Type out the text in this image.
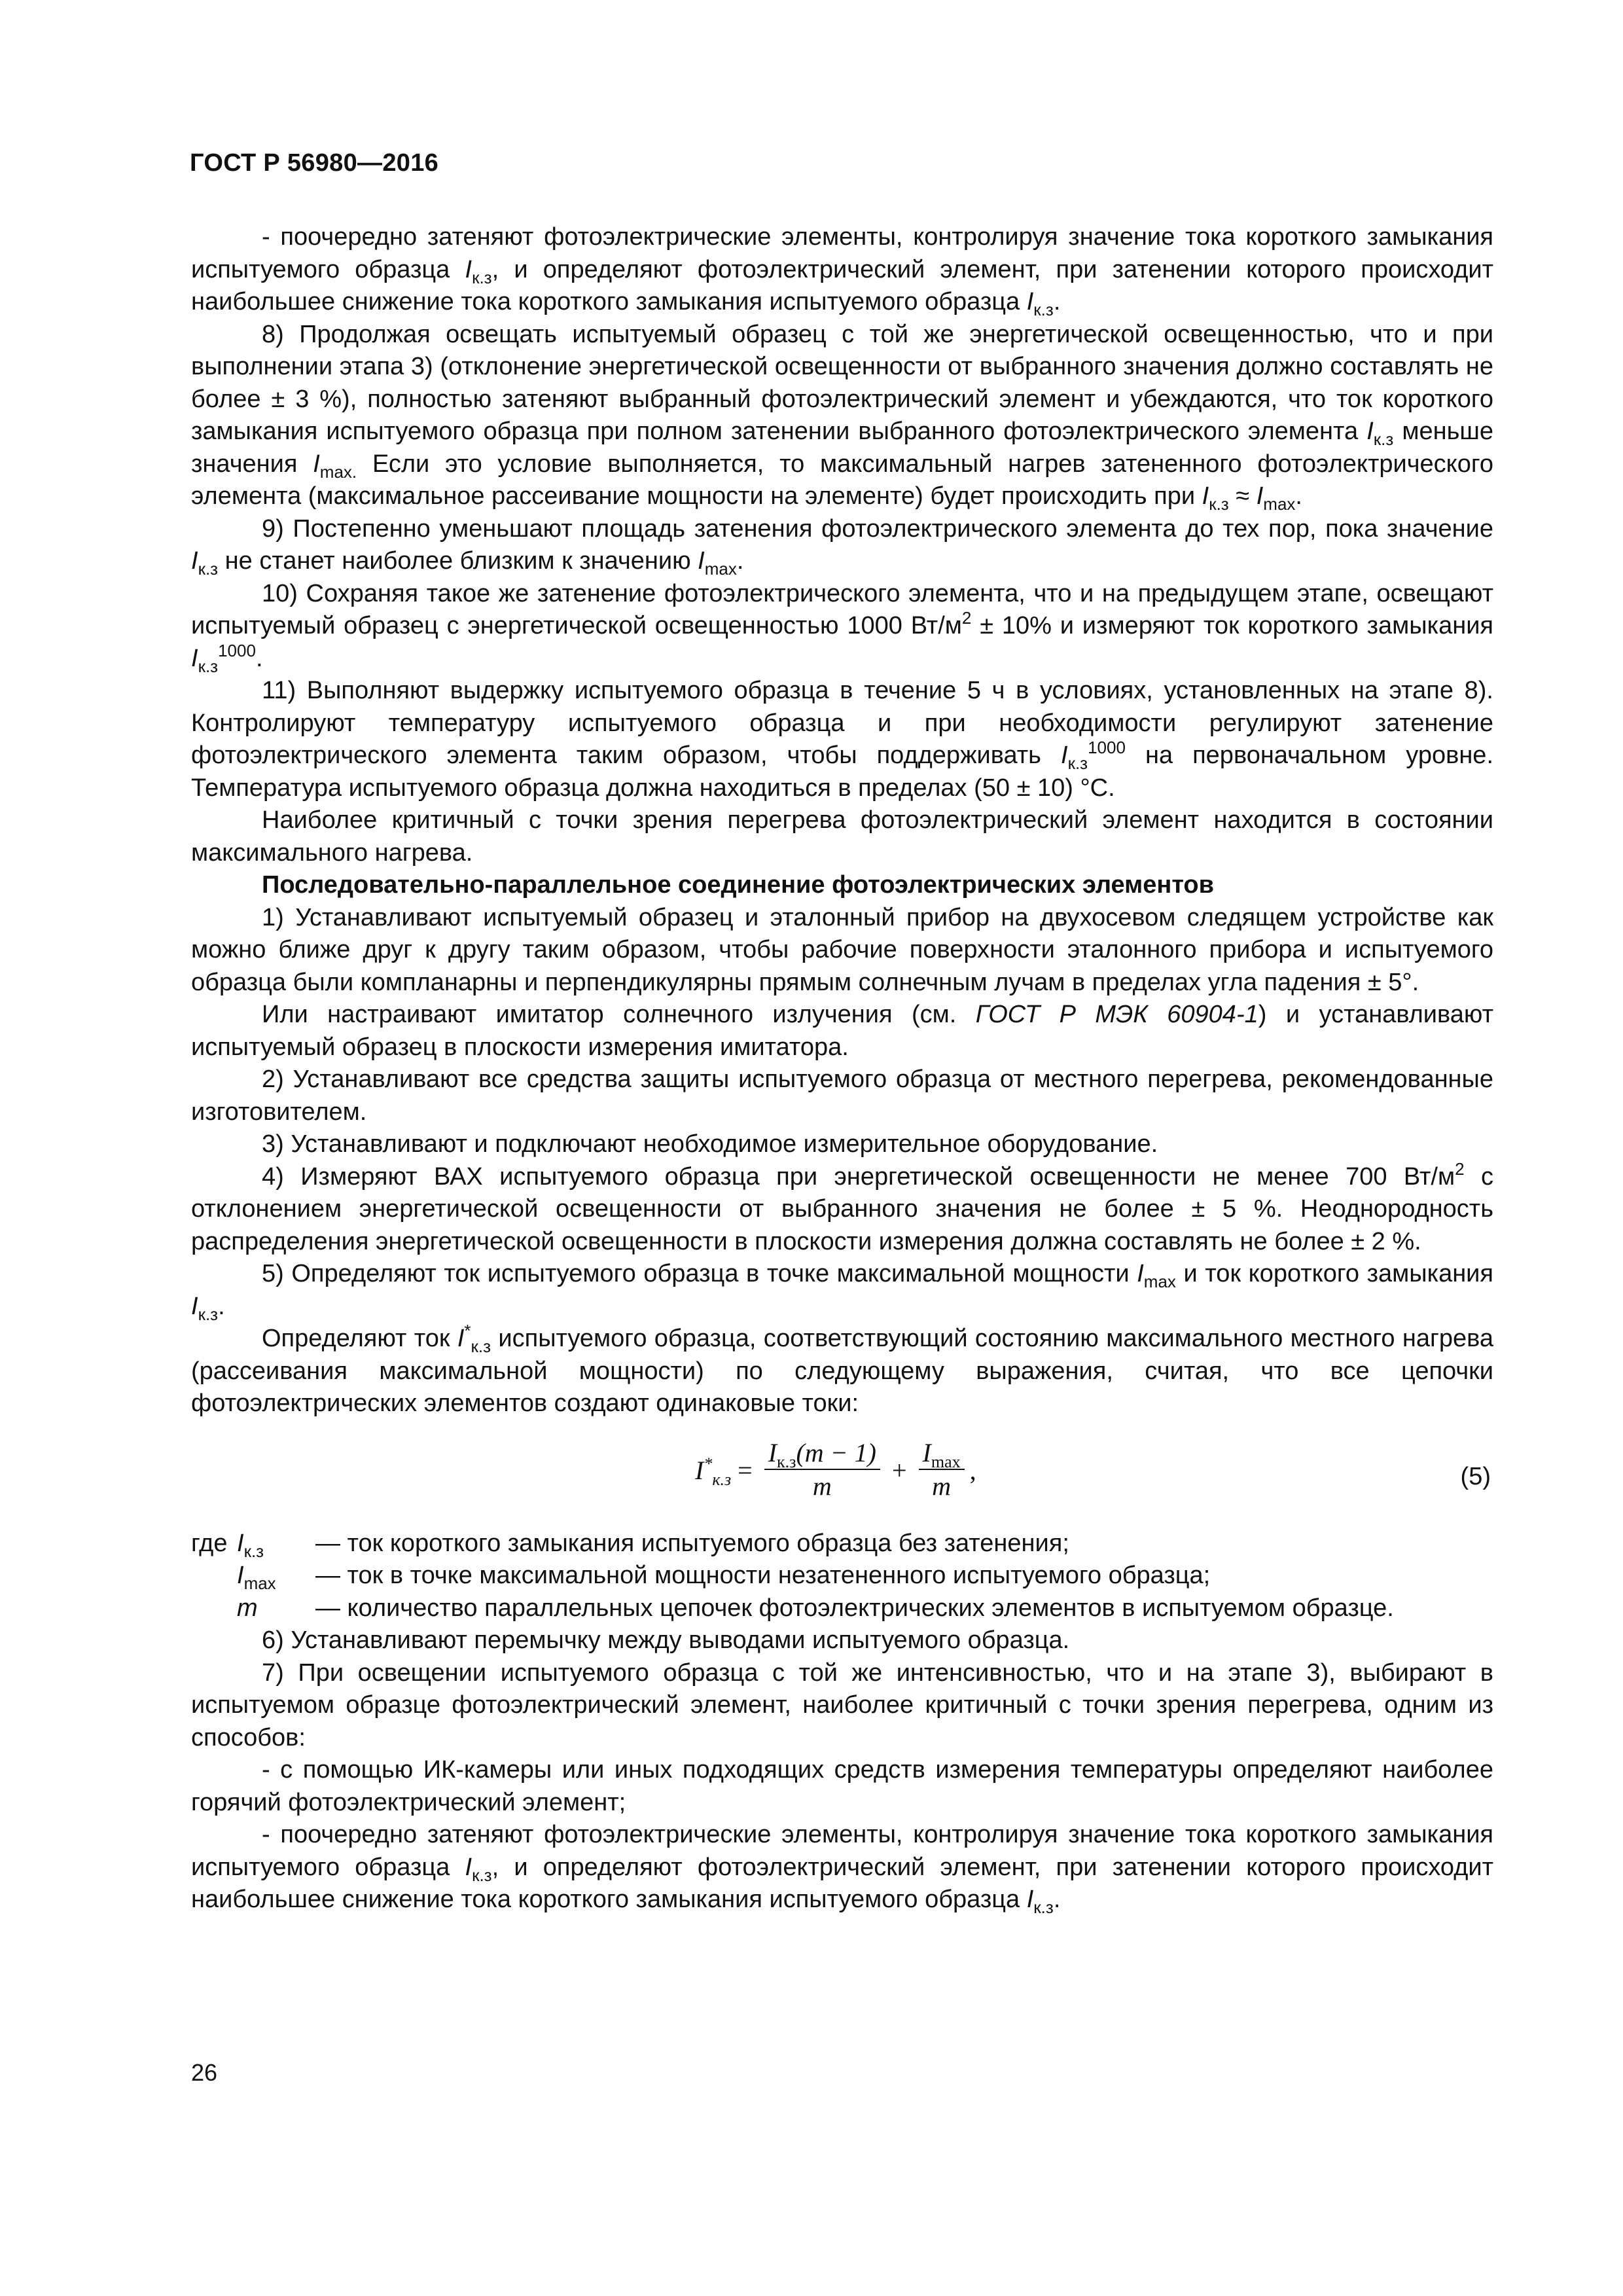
ГОСТ Р 56980—2016

- поочередно затеняют фотоэлектрические элементы, контролируя значение тока короткого замыкания испытуемого образца $I_{к.з}$, и определяют фотоэлектрический элемент, при затенении которого происходит наибольшее снижение тока короткого замыкания испытуемого образца $I_{к.з}$.

8) Продолжая освещать испытуемый образец с той же энергетической освещенностью, что и при выполнении этапа 3) (отклонение энергетической освещенности от выбранного значения должно составлять не более ± 3 %), полностью затеняют выбранный фотоэлектрический элемент и убеждаются, что ток короткого замыкания испытуемого образца при полном затенении выбранного фотоэлектрического элемента $I_{к.з}$ меньше значения $I_{max.}$ Если это условие выполняется, то максимальный нагрев затененного фотоэлектрического элемента (максимальное рассеивание мощности на элементе) будет происходить при $I_{к.з} \approx I_{max}$.

9) Постепенно уменьшают площадь затенения фотоэлектрического элемента до тех пор, пока значение $I_{к.з}$ не станет наиболее близким к значению $I_{max}$.

10) Сохраняя такое же затенение фотоэлектрического элемента, что и на предыдущем этапе, освещают испытуемый образец с энергетической освещенностью 1000 $Вт/м^2 \pm 10\%$ и измеряют ток короткого замыкания $I_{к.з}^{1000}$.

11) Выполняют выдержку испытуемого образца в течение 5 ч в условиях, установленных на этапе 8). Контролируют температуру испытуемого образца и при необходимости регулируют затенение фотоэлектрического элемента таким образом, чтобы поддерживать $I_{к.з}^{1000}$ на первоначальном уровне. Температура испытуемого образца должна находиться в пределах (50 ± 10) °С.

Наиболее критичный с точки зрения перегрева фотоэлектрический элемент находится в состоянии максимального нагрева.

Последовательно-параллельное соединение фотоэлектрических элементов

1) Устанавливают испытуемый образец и эталонный прибор на двухосевом следящем устройстве как можно ближе друг к другу таким образом, чтобы рабочие поверхности эталонного прибора и испытуемого образца были компланарны и перпендикулярны прямым солнечным лучам в пределах угла падения ± 5°.

Или настраивают имитатор солнечного излучения (см. ГОСТ Р МЭК 60904-1) и устанавливают испытуемый образец в плоскости измерения имитатора.

2) Устанавливают все средства защиты испытуемого образца от местного перегрева, рекомендованные изготовителем.

3) Устанавливают и подключают необходимое измерительное оборудование.

4) Измеряют ВАХ испытуемого образца при энергетической освещенности не менее 700 $Вт/м^2$ с отклонением энергетической освещенности от выбранного значения не более ± 5 %. Неоднородность распределения энергетической освещенности в плоскости измерения должна составлять не более ± 2 %.

5) Определяют ток испытуемого образца в точке максимальной мощности $I_{max}$ и ток короткого замыкания $I_{к.з}$.

Определяют ток $I^*_{к.з}$ испытуемого образца, соответствующий состоянию максимального местного нагрева (рассеивания максимальной мощности) по следующему выражения, считая, что все цепочки фотоэлектрических элементов создают одинаковые токи:

$I^*_{к.з} = \frac{I_{к.з}(m - 1)}{m} + \frac{I_{max}}{m}$ ,	(5)
где $I_{к.з}$	— ток короткого замыкания испытуемого образца без затенения;
$I_{max}$	— ток в точке максимальной мощности незатененного испытуемого образца;
m	— количество параллельных цепочек фотоэлектрических элементов в испытуемом образце.

6) Устанавливают перемычку между выводами испытуемого образца.

7) При освещении испытуемого образца с той же интенсивностью, что и на этапе 3), выбирают в испытуемом образце фотоэлектрический элемент, наиболее критичный с точки зрения перегрева, одним из способов:

- с помощью ИК-камеры или иных подходящих средств измерения температуры определяют наиболее горячий фотоэлектрический элемент;

- поочередно затеняют фотоэлектрические элементы, контролируя значение тока короткого замыкания испытуемого образца $I_{к.з}$, и определяют фотоэлектрический элемент, при затенении которого происходит наибольшее снижение тока короткого замыкания испытуемого образца $I_{к.з}$.

26
